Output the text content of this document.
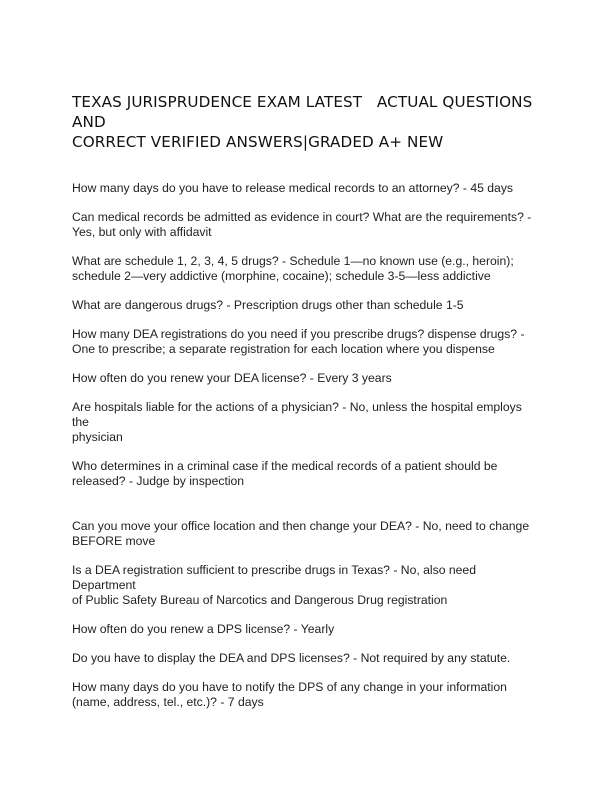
TEXAS JURISPRUDENCE EXAM LATEST   ACTUAL QUESTIONS
AND
CORRECT VERIFIED ANSWERS|GRADED A+ NEW
How many days do you have to release medical records to an attorney? - 45 days
Can medical records be admitted as evidence in court? What are the requirements? -
Yes, but only with affidavit
What are schedule 1, 2, 3, 4, 5 drugs? - Schedule 1—no known use (e.g., heroin);
schedule 2—very addictive (morphine, cocaine); schedule 3-5—less addictive
What are dangerous drugs? - Prescription drugs other than schedule 1-5
How many DEA registrations do you need if you prescribe drugs? dispense drugs? -
One to prescribe; a separate registration for each location where you dispense
How often do you renew your DEA license? - Every 3 years
Are hospitals liable for the actions of a physician? - No, unless the hospital employs the
physician
Who determines in a criminal case if the medical records of a patient should be
released? - Judge by inspection
Can you move your office location and then change your DEA? - No, need to change
BEFORE move
Is a DEA registration sufficient to prescribe drugs in Texas? - No, also need Department
of Public Safety Bureau of Narcotics and Dangerous Drug registration
How often do you renew a DPS license? - Yearly
Do you have to display the DEA and DPS licenses? - Not required by any statute.
How many days do you have to notify the DPS of any change in your information
(name, address, tel., etc.)? - 7 days
